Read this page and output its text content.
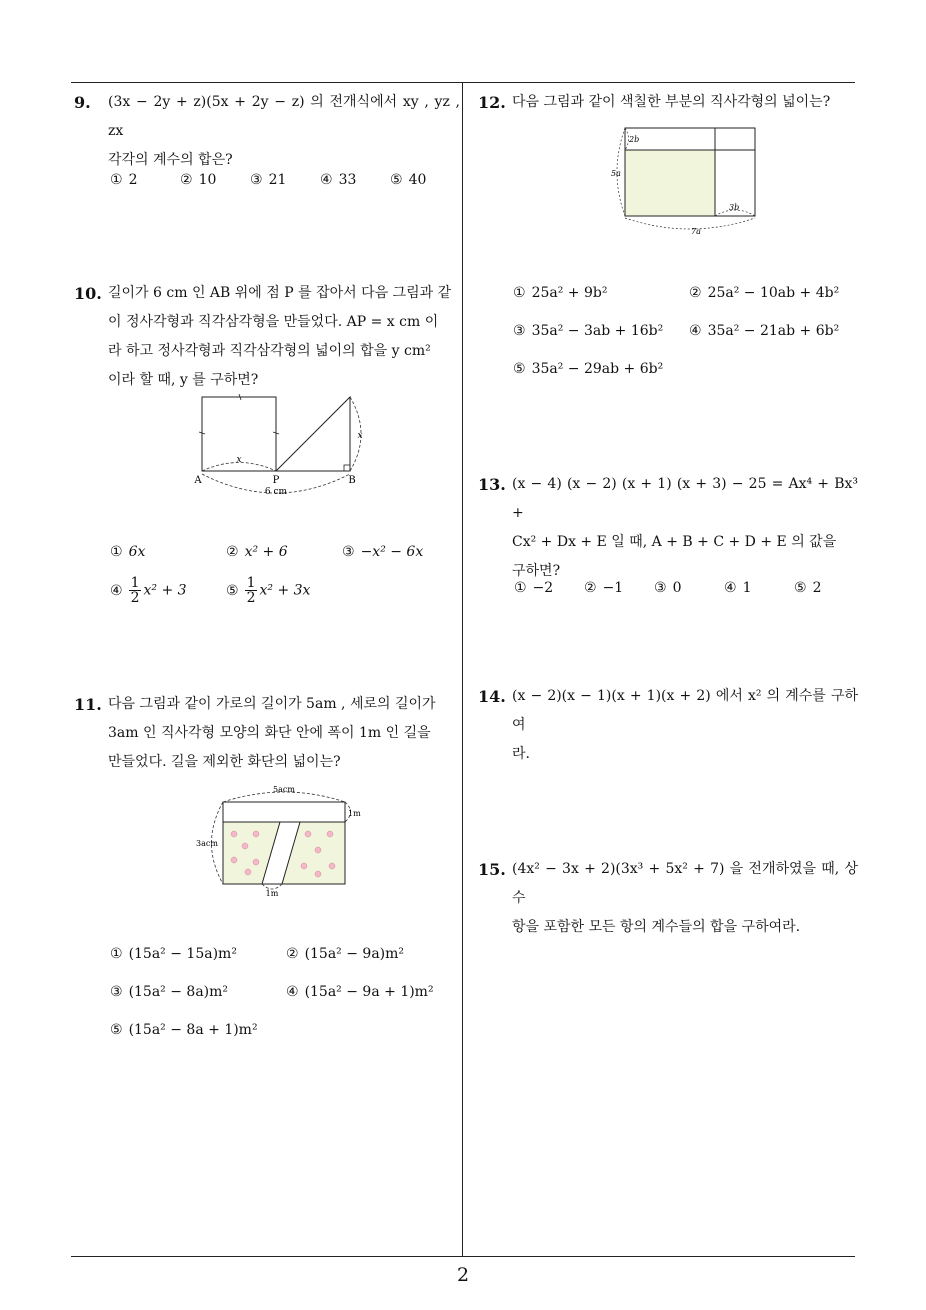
9. (3x − 2y + z)(5x + 2y − z) 의 전개식에서 xy , yz , zx
각각의 계수의 합은?
① 2	② 10 ③ 21 ④ 33 ⑤ 40
10. 길이가 6 cm 인 AB 위에 점 P 를 잡아서 다음 그림과 같
이 정사각형과 직각삼각형을 만들었다. AP = x cm 이
라 하고 정사각형과 직각삼각형의 넓이의 합을 y cm²
이라 할 때, y 를 구하면?
x
x
A	P	B
6 cm
① 6x	② x² + 6	③ −x² − 6x
④ $\frac{1}{2} x^2 + 3$	⑤ $\frac{1}{2} x^2 + 3x$
11. 다음 그림과 같이 가로의 길이가 5am , 세로의 길이가
3am 인 직사각형 모양의 화단 안에 폭이 1m 인 길을
만들었다. 길을 제외한 화단의 넓이는?
5acm
3acm
1m
1m
① (15a² − 15a)m²	② (15a² − 9a)m²
③ (15a² − 8a)m²	④ (15a² − 9a + 1)m²
⑤ (15a² − 8a + 1)m²
12. 다음 그림과 같이 색칠한 부분의 직사각형의 넓이는?
2b
5a
3b
7a
① 25a² + 9b²	② 25a² − 10ab + 4b²
③ 35a² − 3ab + 16b² ④ 35a² − 21ab + 6b²
⑤ 35a² − 29ab + 6b²
13. (x − 4) (x − 2) (x + 1) (x + 3) − 25 = Ax⁴ + Bx³ +
Cx² + Dx + E 일 때, A + B + C + D + E 의 값을
구하면?
① −2 ② −1 ③ 0	④ 1	⑤ 2
14. (x − 2)(x − 1)(x + 1)(x + 2) 에서 x² 의 계수를 구하여
라.
15. (4x² − 3x + 2)(3x³ + 5x² + 7) 을 전개하였을 때, 상수
항을 포함한 모든 항의 계수들의 합을 구하여라.
2
